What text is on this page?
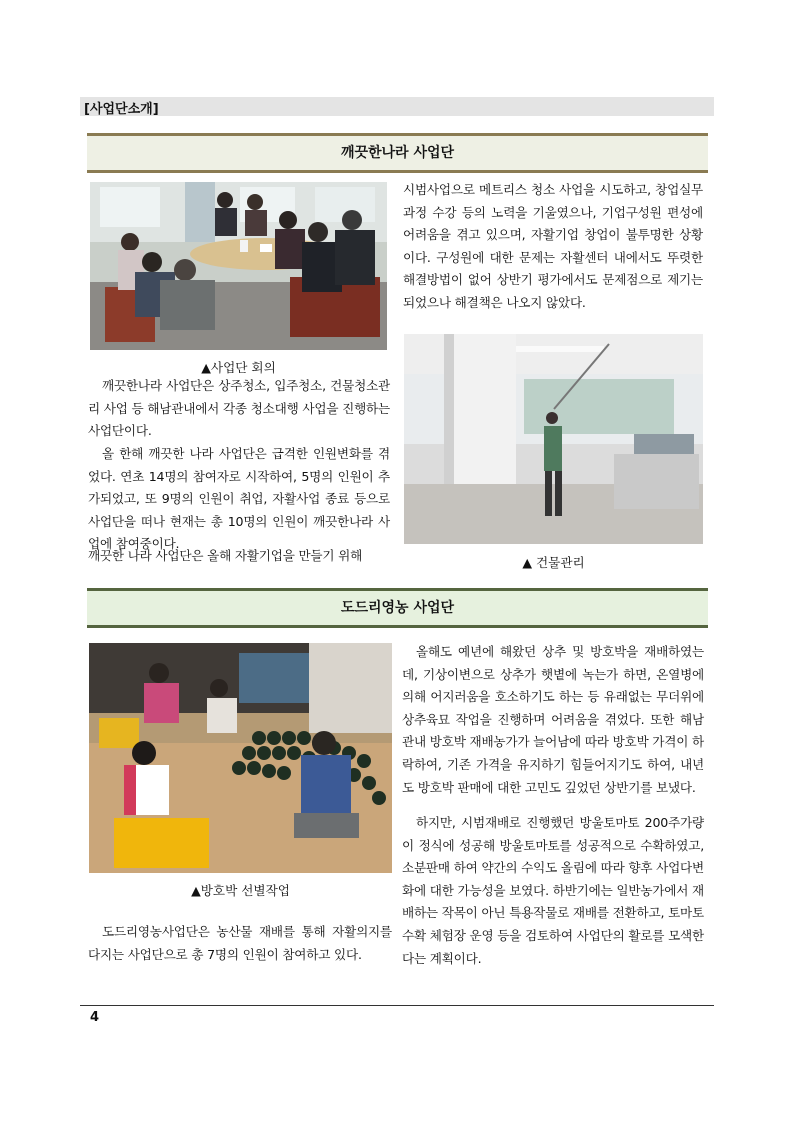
[사업단소개]
깨끗한나라 사업단
▲사업단 회의

깨끗한나라 사업단은 상주청소, 입주청소, 건물청소관리 사업 등 해남관내에서 각종 청소대행 사업을 진행하는 사업단이다.

올 한해 깨끗한 나라 사업단은 급격한 인원변화를 겪었다. 연초 14명의 참여자로 시작하여, 5명의 인원이 추가되었고, 또 9명의 인원이 취업, 자활사업 종료 등으로 사업단을 떠나 현재는 총 10명의 인원이 깨끗한나라 사업에 참여중이다.

깨끗한 나라 사업단은 올해 자활기업을 만들기 위해

시범사업으로 메트리스 청소 사업을 시도하고, 창업실무과정 수강 등의 노력을 기울였으나, 기업구성원 편성에 어려움을 겪고 있으며, 자활기업 창업이 불투명한 상황이다. 구성원에 대한 문제는 자활센터 내에서도 뚜렷한 해결방법이 없어 상반기 평가에서도 문제점으로 제기는 되었으나 해결책은 나오지 않았다.

▲ 건물관리
도드리영농 사업단
▲방호박 선별작업

도드리영농사업단은 농산물 재배를 통해 자활의지를 다지는 사업단으로 총 7명의 인원이 참여하고 있다.

올해도 예년에 해왔던 상추 및 방호박을 재배하였는데, 기상이변으로 상추가 햇볕에 녹는가 하면, 온열병에 의해 어지러움을 호소하기도 하는 등 유래없는 무더위에 상추육묘 작업을 진행하며 어려움을 겪었다. 또한 해남 관내 방호박 재배농가가 늘어남에 따라 방호박 가격이 하락하여, 기존 가격을 유지하기 힘들어지기도 하여, 내년도 방호박 판매에 대한 고민도 깊었던 상반기를 보냈다.

하지만, 시범재배로 진행했던 방울토마토 200주가량이 정식에 성공해 방울토마토를 성공적으로 수확하였고, 소분판매 하여 약간의 수익도 올림에 따라 향후 사업다변화에 대한 가능성을 보였다. 하반기에는 일반농가에서 재배하는 작목이 아닌 특용작물로 재배를 전환하고, 토마토 수확 체험장 운영 등을 검토하여 사업단의 활로를 모색한다는 계획이다.

4
